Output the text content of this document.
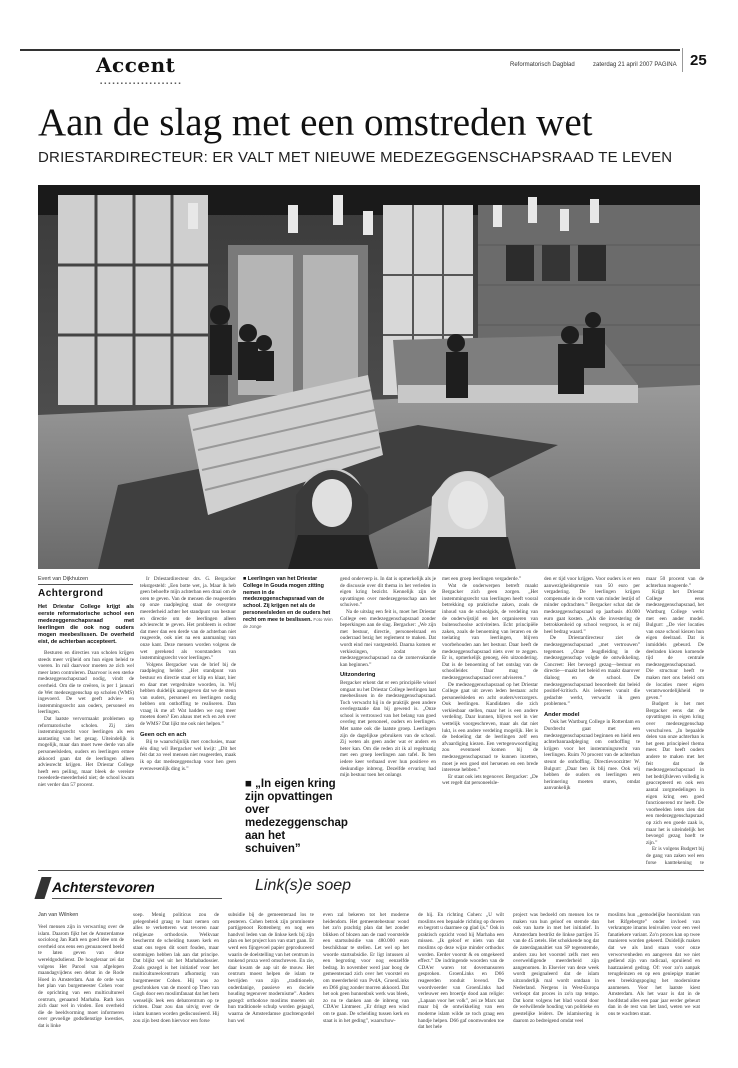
Accent
▪▪▪▪▪▪▪▪▪▪▪▪▪▪▪▪▪▪▪▪
Reformatorisch Dagblad	zaterdag 21 april 2007 PAGINA 25
Aan de slag met een omstreden wet
DRIESTARDIRECTEUR: ER VALT MET NIEUWE MEDEZEGGENSCHAPSRAAD TE LEVEN
Evert van Dijkhuizen
Achtergrond

Het Driestar College krijgt als eerste reformatorische school een medezeggenschapsraad met leerlingen die ook nog ouders mogen meebeslissen. De overheid eist, de achterban accepteert.

Besturen en directies van scholen krijgen steeds meer vrijheid om hun eigen beleid te voeren. In ruil daarvoor moeten ze zich wel meer laten controleren. Daarvoor is een sterke medezeggenschapsraad nodig, vindt de overheid. Om die te creëren, is per 1 januari de Wet medezeggenschap op scholen (WMS) ingevoerd. De wet geeft advies- en instemmingsrecht aan ouders, personeel en leerlingen.

Dat laatste vervormaakt problemen op reformatorische scholen. Zij zien instemmingsrecht voor leerlingen als een aantasting van het gezag. Uiteindelijk is mogelijk, maar dan moet twee derde van alle personeelsleden, ouders en leerlingen ermee akkoord gaan dat de leerlingen alleen adviesrecht krijgen. Het Driestar College heeft een peiling, maar bleek de vereiste tweederde-meerderheid niet; de school kwam niet verder dan 57 procent.

Ir Driestardirecteur drs. G. Bergacker tekstgesteld: „Een botte wet, ja. Maar ik heb geen behoefte mijn achterban een draai om de oren te geven. Van de mensen die reageerden op onze raadpleging staat de overgrote meerderheid achter het standpunt van bestuur en directie om de leerlingen alleen adviesrecht te geven. Het probleem is echter dat meer dan een derde van de achterban niet reageerde, ook niet na een aanmaning van onze kant. Deze mensen worden volgens de wet gerekend als voorstanders van instemmingsrecht voor leerlingen.”

Volgens Bergacker was de brief bij de raadpleging helder. „Het standpunt van bestuur en directie staat er klip en klaar, hier en daar met vetgedrukte woorden, in. Wij hebben duidelijk aangegeven dat we de steun van ouders, personeel en leerlingen nodig hebben om onthoffing te realiseren. Dan vraag ik me af: Wat hadden we nog meer moeten doen? Een ahaus met ech en zeh over de WMS? Dat lijkt me ook niet helpen.”

Geen och en ach

Bij te waarschijnlijk met conclusies, maar één ding wil Bergacker wel kwijt: „Dit het feit dat zo veel mensen niet reageerden, maak ik op dat medezeggenschap voor hen geen evenwesenlijk ding is.”

■ Leerlingen van het Driestar College in Gouda mogen zitting nemen in de medezeggenschapsraad van de school. Zij krijgen net als de personeelsleden en de ouders het recht om mee te beslissen. Foto Wim de Jonge
■ „In eigen kring zijn opvattingen over medezeggenschap aan het schuiven”

gend onderverp is. In dat is opmerkelijk als je de discussie over dit thema in het verleden in eigen kring bezicht. Kennelijk zijn de opvattingen over medezeggenschap aan het schuiven.”

Na de uitslag een feit is, moet het Driestar College een medezeggenschapsraad zonder beperkingen aan de slag. Bergacker: „We zijn met bestuur, directie, personeelsraad en ouderraad bezig het reglement te maken. Dat wordt eind mei vastgesteld. Daarna komen er verkiezingen, zodat de medezeggenschapsraad na de zomervakantie kan beginnen.”

Uitzondering

Bergacker erkent dat er een principiële wissel omgaat nu het Driestar College leerlingen laat meebeslissen in de medezeggenschapsraad. Toch verwacht hij in de praktijk geen andere overlegstaatie dan bij gewend is. „Onze school is vertrouwd van het belang van goed overleg met personeel, ouders en leerlingen. Met name ook die laatste groep. Leerlingen zijn de dagelijkse gebruikers van de school. Zij weten als geen ander wat er anders en beter kan. Om die reden zit ik al regelmatig met een groep leerlingen aan tafel. Ik ben iedere keer verbaasd over hun positieve en deskundige inbreng. Dezelfde ervaring had mijn bestuur toen het onlangs

met een groep leerlingen vergaderde.”

Wat de onderwerpen betreft maakt Bergacker zich geen zorgen. „Het instemmingsrecht van leerlingen heeft vooral betrekking op praktische zaken, zoals de inhoud van de schoolgids, de verdeling van de onderwijstijd en het organiseren van buitenschoolse activiteiten. Echt principiële zaken, zoals de benoeming van leraren en de toelating van leerlingen, blijven voorbehouden aan het bestuur. Daar heeft de medezeggenschapsraad niets over te zeggen. Er is, opmerkelijk genoeg, één uitzondering. Dat is de benoeming of het ontslag van de schoolleider. Daar mag de medezeggenschapsraad over adviseren.”

De medezeggenschapsraad op het Driestar College gaat uit zeven leden bestaan: acht personeelsleden en acht ouders/verzorgers. Ook leerlingen. Kandidaten die zich verkiesbaar stellen, maar het is een andere verdeling. Daar kunnen, blijven wel in vier wettelijk voorgeschreven, maar als dat niet lukt, is een andere verdeling mogelijk. Het is de bedoeling dat de leerlingen zelf een afvaardiging kiezen. Een vertegenwoordiging zou eventueel komen bij de medezeggenschapsraad te kunnen inzetten, moet je een goed stel hersenen en een brede interesse hebben.”

Er staat ook iets tegenover. Bergacker: „De wet regelt dat personeelsle-

den er tijd voor krijgen. Voor ouders is er een aanwezigheidspremie van 50 euro per vergadering. De leerlingen krijgen compensatie in de vorm van minder lestijd of minder opdrachten.” Bergacker schat dat de medezeggenschapsraad op jaarbasis 40.000 euro gaat kosten. „Als die investering de betrokkenheid op school vergroot, is er mij heel bedrag waard.”

De Driestardirecteur ziet de medezeggenschapsraad „met vertrouwen” tegemoet. „Onze Jeugdleiding in de medezeggenschap volgde de ontwikkeling. Concreet: Het bevoegd gezag—bestuur en directie—maakt het beleid en maakt daarover dialoog en de school. De medezeggenschapsraad beoordeelt dat beleid positief-kritisch. Als iedereen vanuit die gedachte werkt, verwacht ik geen problemen.”

Ander model

Ook het Wartburg College in Rotterdam en Dordrecht gaat met een medezeggenschapsraad beginnen en hield een achterbanraadpleging om onthoffing te krijgen voor het instemmingsrecht van leerlingen. Ruim 70 procent van de achterban steunt de onthoffing. Directievoorzitter W. Bulgurr: „Daar ben ik blij mee. Ook wij hebben de ouders en leerlingen een herinnering moeten sturen, omdat aanvankelijk

maar 50 procent van de achterban reageerde.”

Krijgt het Driestar College eens medezeggenschapsraad, het Wartburg College werkt met een ander model. Bulgurr: „De vier locaties van onze school kiezen hun eigen deelraad. Dat is inmiddels gebeurd. De deelraden kiezen komende tijd de centrale medezeggenschapsraad. Die structuur heeft te maken met ons beleid om de locaties meer eigen verantwoordelijkheid te geven.”

Budgert is het met Bergacker eens dat de opvattingen in eigen kring over medezeggenschap verschuiven. „In bepaalde delen van onze achterban is het geen principieel thema meer. Dat heeft ouders andere te maken met het feit dat de medezeggenschapsraad in het bedrijfsleven volledig is geaccepteerd en ook een aantal zorgmedelingen in eigen kring een goed functionerend mr heeft. De voorbeelden leten zien dat een medezeggenschapsraad op zich een goede zaak is, maar het is uiteindelijk het bevoegd gezag hoeft te zijn.”

Er is volgens Budgert bij de gang van zaken wel een forse kanttekening te

Achterstevoren	Link(s)e soep
Jan van Wilnken

Veel mensen zijn in verwarring over de islam. Daarom fijkt het de Amsterdamse socioloog Jan Rath een goed idee om de overheid ons eens een genuanceerd beeld te laten geven van deze wereldgodsdienst. De hoogleraar zei dat volgens Het Parool van afgelopen maandagvijdens een debat in de Rode Hoed in Amsterdam. Aan de orde was het plan van burgemeester Cohen voor de oprichting van een multicultureel centrum, genaamd Marhaba. Rath kon zich daar wel in vinden. Een overheid die de beeldvorming moet informeren over gevoelige godsdienstige kwesties, dat is linke

soep. Menig politicus zou de gelegenheid graag te baat nemen om alles te verketteren wat tevoren naar religieuze orthodoxie. Welkvaar beschermt de scheiding tussen kerk en staat ons tegen dit soort fouden, maar sommigen hebben lak aan dat principe. Dat blijkt wel uit het Marhabadossier. Zoals gezegd is het initiatief voor het multicultureelcentrum afkomstig van burgemeester Cohen. Hij was zo geschrokken van de moord op Theo van Gogh door een moslimfanaat dat het hem wenselijk leek een debatcentrum op te richten. Daar zou dan uitvig over de islam kunnen worden gediscussieerd. Hij zou zijn best doen hiervoor een forse

subsidie bij de gemeenteraad los te peuteren. Cohen betrok zijn prominente partijgenoot Rottenberg en nog een handvol leden van de linkse kerk bij zijn plan en het project kon van start gaan. Er werd een fijngevoel papier geproduceerd waarin de doelstelling van het centrum in tonkend proza werd omschreven. En zie, daar kwam de aap uit de mouw. Het centrum moest helpen de islam te bevrijden van zijn „traditionele, onderdanige, passieve en dociele houding tegenover modernisme”. Anders gezegd: orthodoxe moslims moeten uit hun traditionele schulp worden gejaagd, waarna de Amsterdamse grachtengordel hun wel

even zal bekeren tot het moderne heidendom. Het gemeentebestuur wond het zo'n prachtig plan dat het zonder blikken of blozen aan de raad voorstelde een startsubsidie van 480.000 euro beschikbaar te stellen. Let wel op het woorde startsubsidie. Er ligt intussen al een begroting voor nog eenzelfde bedrag. In november werd jaar boog de gemeenteraad zich over het voorstel en om meerderheid van PvdA, GroenLinks en D66 ging zonder morren akkoord. Dat het ook geen hunnenbuk werk was bleek, zo nu te danken aan de inbreng van CDA'er Lintmeer. „Er dringt een wind om te gaan. De scheiding tussen kerk en staat is in het geding”, waarschuw-

de hij. En richting Cohen: „U wilt moslims een bepaalde richting op duwen en begrott u daarmee op glad ijs.” Ook in praktisch opzicht vond hij Marhaba een missen. „Ik geloof er niets van dat moslims op deze wijze minder orthodox worden. Eerder voorstr & en omgekeerd effect.” De indringende woorden van de CDA'er waren tot dovemansoren gesproken. GroenLinks en D66 reageerden ronduit lovend. De woordvoerder van GroenLinks had verleuwer een broertje dood aan religie: „Lapaan voor het volk”, zei ze Marx nat maar bij de ontwikkeling van een moderne islam wilde ze toch graag een handje helpen. D66 gaf onomwonden toe dat het hele

project was bedoeld om mensen los te maken van hun geloof en stemde dan ook van harte in met het initiatief. In Amsterdam bestrikt de linkse partijen 35 van de 45 zetels. Het schokkende nog dat de zaterdaganaltiet van SP tegenstemde, anders zou het voorstel zelfs met een overweldigende meerderheid zijn aangenomen. In Elsevier van deze week wordt gesignaleerd dat de islam uitzonderlijk mal wordt ontdaan in Nederland. Nergens in West-Europa verloopt dat proces in zo'n rap tempo. Dat komt volgens het blad vooral door de welwillende houding van politieke en geestelijke leiders. De islamisering is daarom zo bedreigend omdat veel

moslims hun „gemodelijke hoornislam van het Rifgebergte” onder invloed van verkrampte imams lenivuilen voor een veel fanatiekere variant. Zo'n proces kan op twee manieren worden gekeerd. Duidelijk maken dat we als land staan voor onze verworvenheden en aangeven dat we niet gediend zijn van radicaal, opruiiend en haatzaaiend gedrag. Of: voor zo'n aanpak terugdeinzen en op een geniepige manier een breekingspoging het modernisme aanmenen. Voor het laatste kiest Amsterdam. Als het waar is dat in de hoofdstad alles een paar jaar eerder gebeurt dan in de rest van het land, weten we wat ons te wachten staat.
